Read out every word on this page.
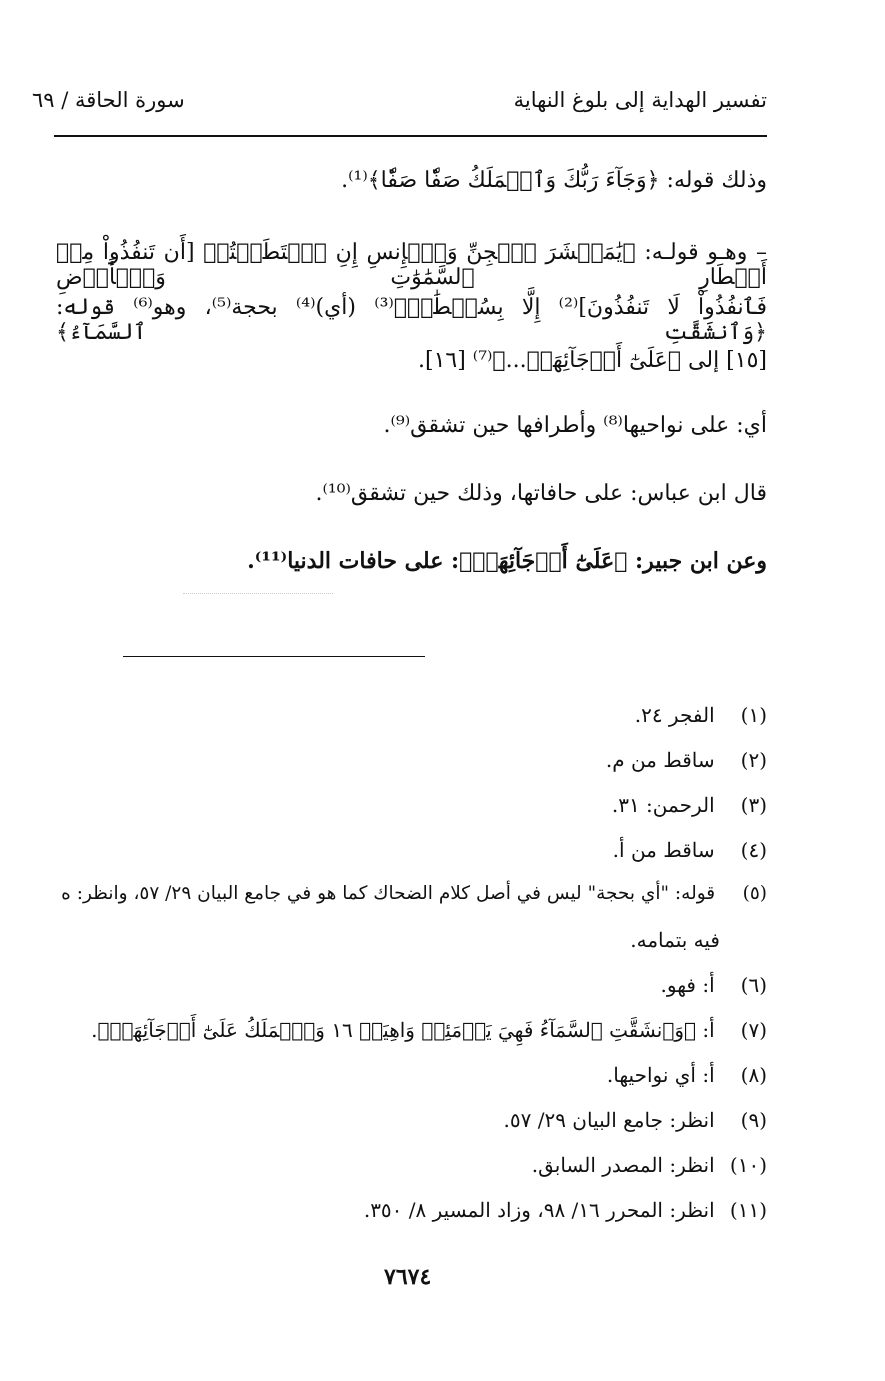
تفسير الهداية إلى بلوغ النهاية
سورة الحاقة / ٦٩
وذلك قوله: ﴿وَجَآءَ رَبُّكَ وَٱلۡمَلَكُ صَفّٗا صَفّٗا﴾⁽¹⁾.
– وهـو قولـه: ﴿يَٰمَعۡشَرَ ٱلۡجِنِّ وَٱلۡإِنسِ إِنِ ٱسۡتَطَعۡتُمۡ [أَن تَنفُذُواْ مِنۡ أَقۡطَارِ ٱلسَّمَٰوَٰتِ وَٱلۡأَرۡضِ
فَٱنفُذُواْ لَا تَنفُذُونَ]⁽²⁾ إِلَّا بِسُلۡطَٰنٖ﴾⁽³⁾ (أي)⁽⁴⁾ بحجة⁽⁵⁾، وهو⁽⁶⁾ قوله: ﴿وَٱنشَقَّتِ ٱلسَّمَآءُ﴾
[١٥] إلى ﴿عَلَىٰٓ أَرۡجَآئِهَاۚ...﴾⁽⁷⁾ [١٦].
أي: على نواحيها⁽⁸⁾ وأطرافها حين تشقق⁽⁹⁾.
قال ابن عباس: على حافاتها، وذلك حين تشقق⁽¹⁰⁾.
وعن ابن جبير: ﴿عَلَىٰٓ أَرۡجَآئِهَاۚ﴾: على حافات الدنيا⁽¹¹⁾.
(١) الفجر ٢٤.
(٢) ساقط من م.
(٣) الرحمن: ٣١.
(٤) ساقط من أ.
(٥) قوله: "أي بحجة" ليس في أصل كلام الضحاك كما هو في جامع البيان ٢٩/ ٥٧، وانظر: ه
فيه بتمامه.
(٦) أ: فهو.
(٧) أ: ﴿وَٱنشَقَّتِ ٱلسَّمَآءُ فَهِيَ يَوۡمَئِذٖ وَاهِيَةٞ ١٦ وَٱلۡمَلَكُ عَلَىٰٓ أَرۡجَآئِهَاۚ﴾.
(٨) أ: أي نواحيها.
(٩) انظر: جامع البيان ٢٩/ ٥٧.
(١٠) انظر: المصدر السابق.
(١١) انظر: المحرر ١٦/ ٩٨، وزاد المسير ٨/ ٣٥٠.
٧٦٧٤
